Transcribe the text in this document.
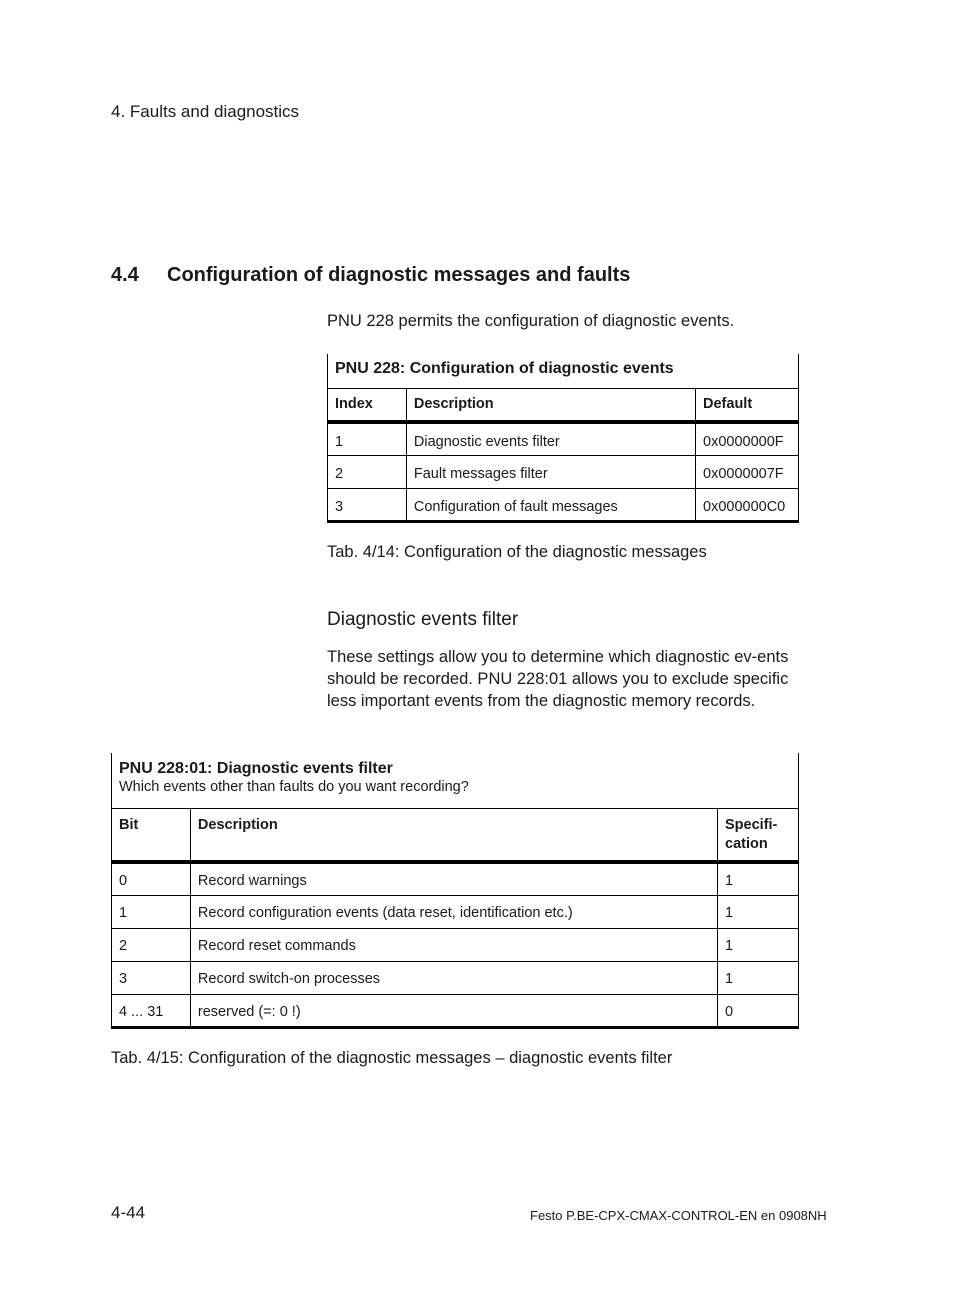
4. Faults and diagnostics
4.4 Configuration of diagnostic messages and faults
PNU 228 permits the configuration of diagnostic events.
PNU 228: Configuration of diagnostic events		
Index	Description	Default
1	Diagnostic events filter	0x0000000F
2	Fault messages filter	0x0000007F
3	Configuration of fault messages	0x000000C0
Tab. 4/14: Configuration of the diagnostic messages
Diagnostic events filter
These settings allow you to determine which diagnostic ev-ents should be recorded. PNU 228:01 allows you to exclude specific less important events from the diagnostic memory records.
PNU 228:01: Diagnostic events filter
Which events other than faults do you want recording?		

Bit	Description	Specifi-cation
0	Record warnings	1
1	Record configuration events (data reset, identification etc.)	1
2	Record reset commands	1
3	Record switch-on processes	1
4 ... 31	reserved (=: 0 !)	0
Tab. 4/15: Configuration of the diagnostic messages – diagnostic events filter
4-44	Festo P.BE-CPX-CMAX-CONTROL-EN en 0908NH
